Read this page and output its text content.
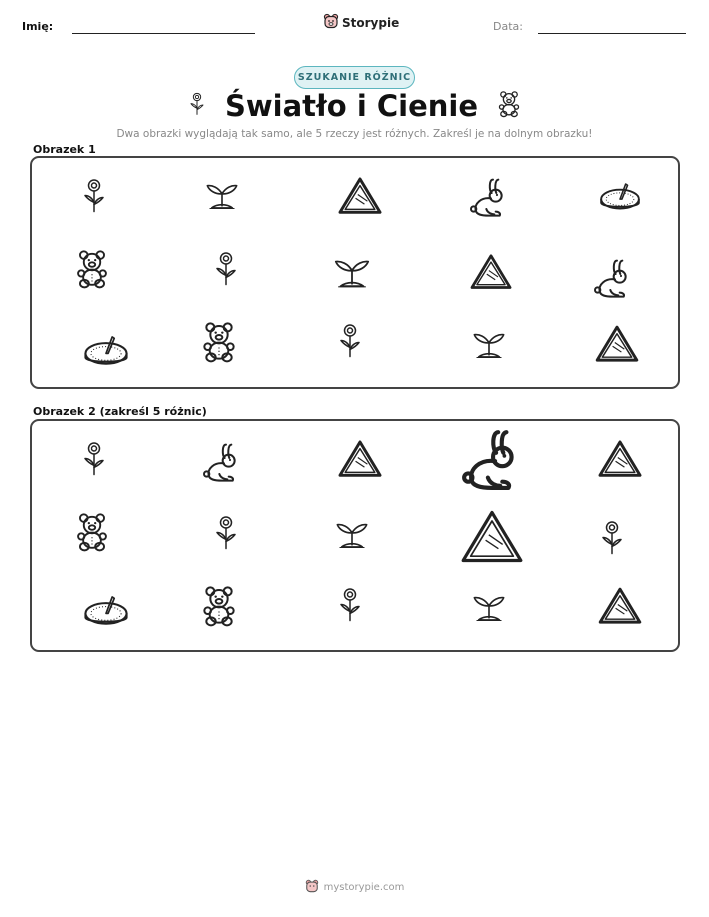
Imię:	Storypie	Data:
SZUKANIE RÓŻNIC
Światło i Cienie
Dwa obrazki wyglądają tak samo, ale 5 rzeczy jest różnych. Zakreśl je na dolnym obrazku!
Obrazek 1
Obrazek 2 (zakreśl 5 różnic)
mystorypie.com
